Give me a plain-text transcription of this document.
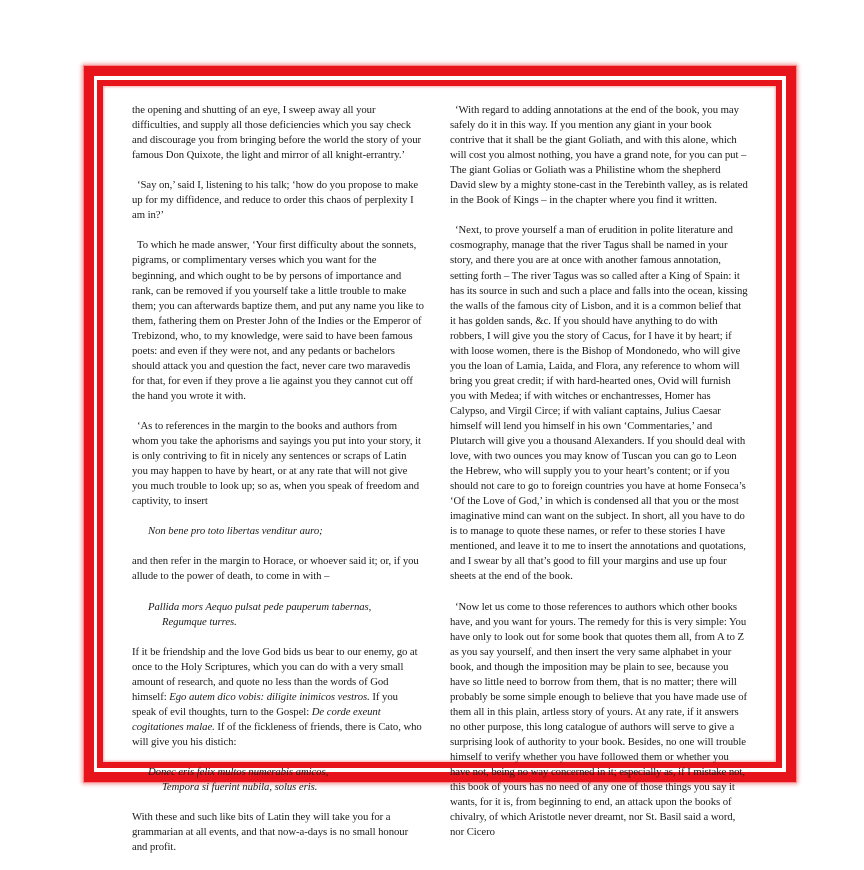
the opening and shutting of an eye, I sweep away all your difficulties, and supply all those deficiencies which you say check and discourage you from bringing before the world the story of your famous Don Quixote, the light and mirror of all knight-errantry.’

‘Say on,’ said I, listening to his talk; ‘how do you propose to make up for my diffidence, and reduce to order this chaos of perplexity I am in?’

To which he made answer, ‘Your first difficulty about the sonnets, pigrams, or complimentary verses which you want for the beginning, and which ought to be by persons of importance and rank, can be removed if you yourself take a little trouble to make them; you can afterwards baptize them, and put any name you like to them, fathering them on Prester John of the Indies or the Emperor of Trebizond, who, to my knowledge, were said to have been famous poets: and even if they were not, and any pedants or bachelors should attack you and question the fact, never care two maravedis for that, for even if they prove a lie against you they cannot cut off the hand you wrote it with.

‘As to references in the margin to the books and authors from whom you take the aphorisms and sayings you put into your story, it is only contriving to fit in nicely any sentences or scraps of Latin you may happen to have by heart, or at any rate that will not give you much trouble to look up; so as, when you speak of freedom and captivity, to insert

Non bene pro toto libertas venditur auro;

and then refer in the margin to Horace, or whoever said it; or, if you allude to the power of death, to come in with –

Pallida mors Aequo pulsat pede pauperum tabernas,
Regumque turres.

If it be friendship and the love God bids us bear to our enemy, go at once to the Holy Scriptures, which you can do with a very small amount of research, and quote no less than the words of God himself: Ego autem dico vobis: diligite inimicos vestros. If you speak of evil thoughts, turn to the Gospel: De corde exeunt cogitationes malae. If of the fickleness of friends, there is Cato, who will give you his distich:

Donec eris felix multos numerabis amicos,
Tempora si fuerint nubila, solus eris.

With these and such like bits of Latin they will take you for a grammarian at all events, and that now-a-days is no small honour and profit.

‘With regard to adding annotations at the end of the book, you may safely do it in this way. If you mention any giant in your book contrive that it shall be the giant Goliath, and with this alone, which will cost you almost nothing, you have a grand note, for you can put – The giant Golias or Goliath was a Philistine whom the shepherd David slew by a mighty stone-cast in the Terebinth valley, as is related in the Book of Kings – in the chapter where you find it written.

‘Next, to prove yourself a man of erudition in polite literature and cosmography, manage that the river Tagus shall be named in your story, and there you are at once with another famous annotation, setting forth – The river Tagus was so called after a King of Spain: it has its source in such and such a place and falls into the ocean, kissing the walls of the famous city of Lisbon, and it is a common belief that it has golden sands, &c. If you should have anything to do with robbers, I will give you the story of Cacus, for I have it by heart; if with loose women, there is the Bishop of Mondonedo, who will give you the loan of Lamia, Laida, and Flora, any reference to whom will bring you great credit; if with hard-hearted ones, Ovid will furnish you with Medea; if with witches or enchantresses, Homer has Calypso, and Virgil Circe; if with valiant captains, Julius Caesar himself will lend you himself in his own ‘Commentaries,’ and Plutarch will give you a thousand Alexanders. If you should deal with love, with two ounces you may know of Tuscan you can go to Leon the Hebrew, who will supply you to your heart’s content; or if you should not care to go to foreign countries you have at home Fonseca’s ‘Of the Love of God,’ in which is condensed all that you or the most imaginative mind can want on the subject. In short, all you have to do is to manage to quote these names, or refer to these stories I have mentioned, and leave it to me to insert the annotations and quotations, and I swear by all that’s good to fill your margins and use up four sheets at the end of the book.

‘Now let us come to those references to authors which other books have, and you want for yours. The remedy for this is very simple: You have only to look out for some book that quotes them all, from A to Z as you say yourself, and then insert the very same alphabet in your book, and though the imposition may be plain to see, because you have so little need to borrow from them, that is no matter; there will probably be some simple enough to believe that you have made use of them all in this plain, artless story of yours. At any rate, if it answers no other purpose, this long catalogue of authors will serve to give a surprising look of authority to your book. Besides, no one will trouble himself to verify whether you have followed them or whether you have not, being no way concerned in it; especially as, if I mistake not, this book of yours has no need of any one of those things you say it wants, for it is, from beginning to end, an attack upon the books of chivalry, of which Aristotle never dreamt, nor St. Basil said a word, nor Cicero
